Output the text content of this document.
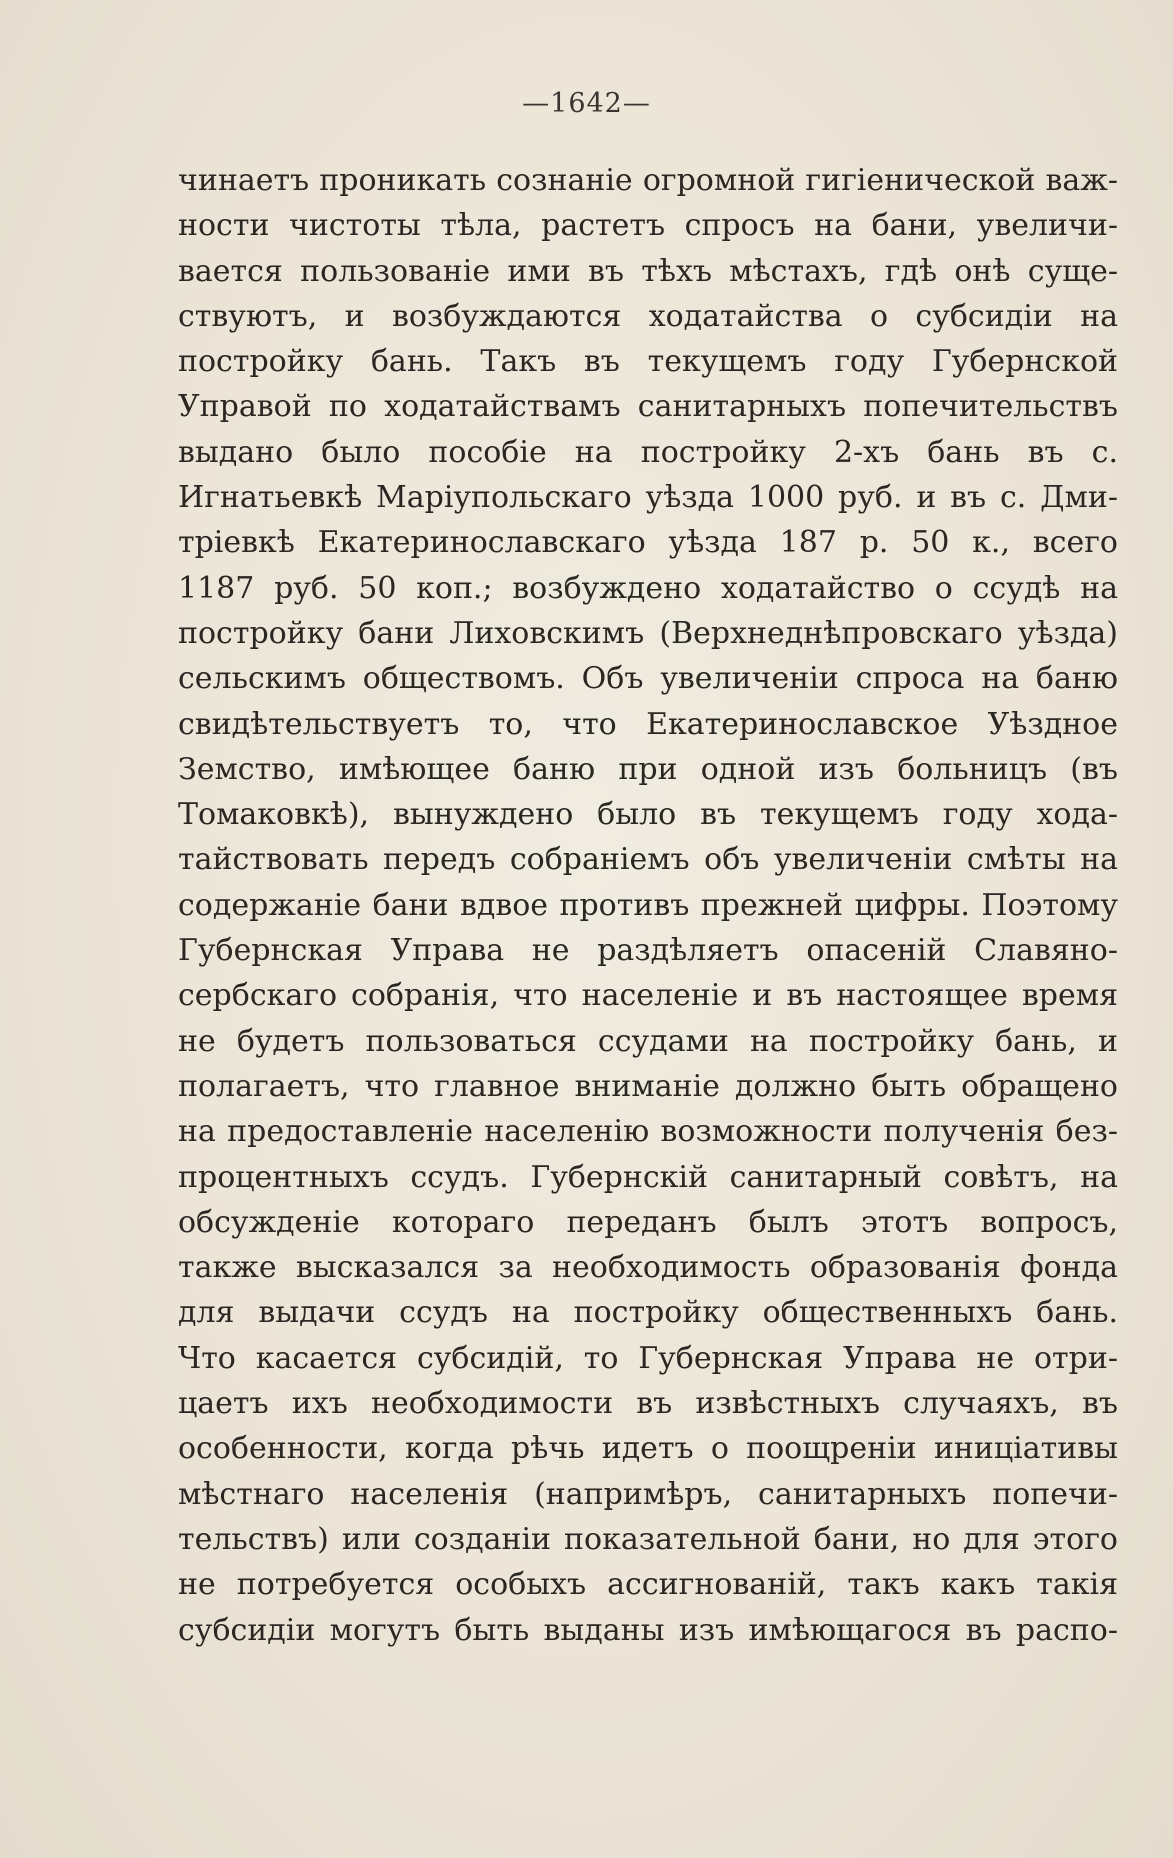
—1642—
чинаетъ проникать сознаніе огромной гигіенической важ-
ности чистоты тѣла, растетъ спросъ на бани, увеличи-
вается пользованіе ими въ тѣхъ мѣстахъ, гдѣ онѣ суще-
ствуютъ, и возбуждаются ходатайства о субсидіи на
постройку бань. Такъ въ текущемъ году Губернской
Управой по ходатайствамъ санитарныхъ попечительствъ
выдано было пособіе на постройку 2-хъ бань въ с.
Игнатьевкѣ Маріупольскаго уѣзда 1000 руб. и въ с. Дми-
тріевкѣ Екатеринославскаго уѣзда 187 р. 50 к., всего
1187 руб. 50 коп.; возбуждено ходатайство о ссудѣ на
постройку бани Лиховскимъ (Верхнеднѣпровскаго уѣзда)
сельскимъ обществомъ. Объ увеличеніи спроса на баню
свидѣтельствуетъ то, что Екатеринославское Уѣздное
Земство, имѣющее баню при одной изъ больницъ (въ
Томаковкѣ), вынуждено было въ текущемъ году хода-
тайствовать передъ собраніемъ объ увеличеніи смѣты на
содержаніе бани вдвое противъ прежней цифры. Поэтому
Губернская Управа не раздѣляетъ опасеній Славяно-
сербскаго собранія, что населеніе и въ настоящее время
не будетъ пользоваться ссудами на постройку бань, и
полагаетъ, что главное вниманіе должно быть обращено
на предоставленіе населенію возможности полученія без-
процентныхъ ссудъ. Губернскій санитарный совѣтъ, на
обсужденіе котораго переданъ былъ этотъ вопросъ,
также высказался за необходимость образованія фонда
для выдачи ссудъ на постройку общественныхъ бань.
Что касается субсидій, то Губернская Управа не отри-
цаетъ ихъ необходимости въ извѣстныхъ случаяхъ, въ
особенности, когда рѣчь идетъ о поощреніи иниціативы
мѣстнаго населенія (напримѣръ, санитарныхъ попечи-
тельствъ) или созданіи показательной бани, но для этого
не потребуется особыхъ ассигнованій, такъ какъ такія
субсидіи могутъ быть выданы изъ имѣющагося въ распо-
